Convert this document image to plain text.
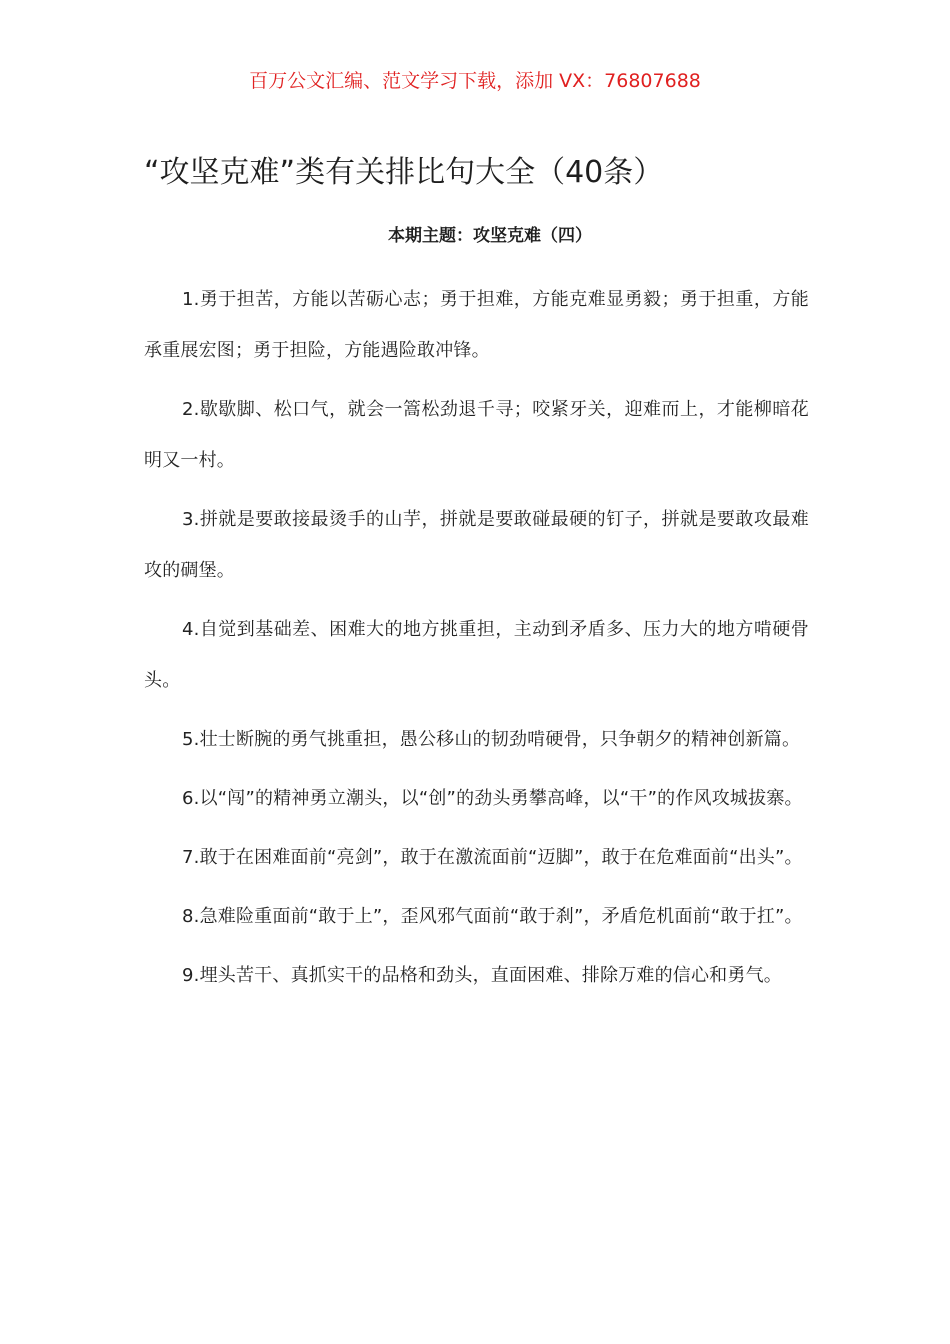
百万公文汇编、范文学习下载，添加 VX：76807688
“攻坚克难”类有关排比句大全（40条）
本期主题：攻坚克难（四）
1.勇于担苦，方能以苦砺心志；勇于担难，方能克难显勇毅；勇于担重，方能承重展宏图；勇于担险，方能遇险敢冲锋。
2.歇歇脚、松口气，就会一篙松劲退千寻；咬紧牙关，迎难而上，才能柳暗花明又一村。
3.拼就是要敢接最烫手的山芋，拼就是要敢碰最硬的钉子，拼就是要敢攻最难攻的碉堡。
4.自觉到基础差、困难大的地方挑重担，主动到矛盾多、压力大的地方啃硬骨头。
5.壮士断腕的勇气挑重担，愚公移山的韧劲啃硬骨，只争朝夕的精神创新篇。
6.以“闯”的精神勇立潮头，以“创”的劲头勇攀高峰，以“干”的作风攻城拔寨。
7.敢于在困难面前“亮剑”，敢于在激流面前“迈脚”，敢于在危难面前“出头”。
8.急难险重面前“敢于上”，歪风邪气面前“敢于刹”，矛盾危机面前“敢于扛”。
9.埋头苦干、真抓实干的品格和劲头，直面困难、排除万难的信心和勇气。
